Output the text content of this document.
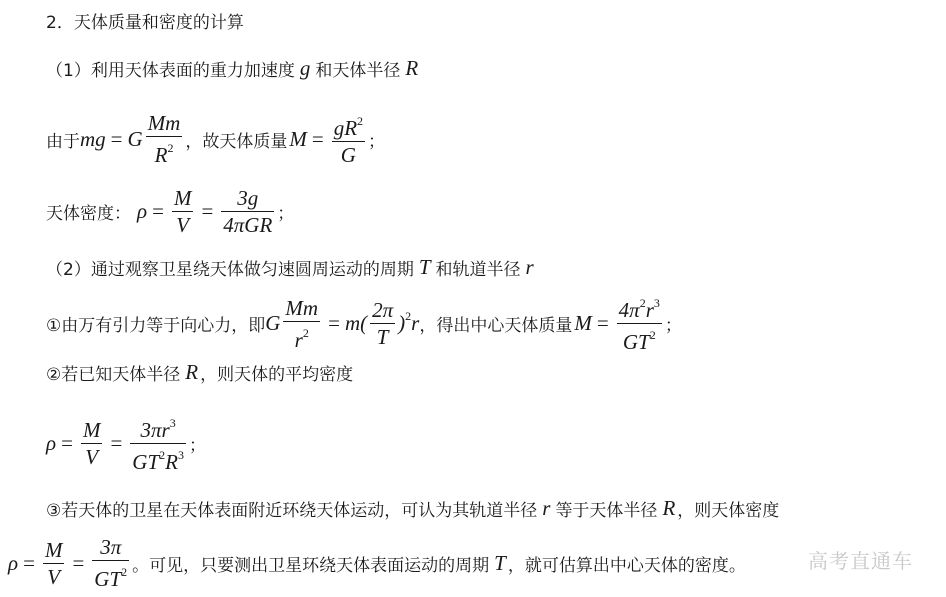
2．天体质量和密度的计算
（1）利用天体表面的重力加速度 g 和天体半径 R
由于 mg = G $\frac{Mm}{R^2}$ ，故天体质量 $M = \frac{gR^2}{G}$ ；
天体密度： $\rho = \frac{M}{V} = \frac{3g}{\text{4πGR}}$ ；
（2）通过观察卫星绕天体做匀速圆周运动的周期 T 和轨道半径 r
①由万有引力等于向心力，即 G $\frac{Mm}{r^2} = m( \frac{2\pi}{T} )^2r$ ，得出中心天体质量 $M = \frac{4\pi^2r^3}{GT^2}$ ；
②若已知天体半径 R ，则天体的平均密度
$\rho = \frac{M}{V} = \frac{3\pi r^3}{GT^2R^3}$ ；
③若天体的卫星在天体表面附近环绕天体运动，可认为其轨道半径 r 等于天体半径 R ，则天体密度
$\rho = \frac{M}{V} = \frac{3\pi}{GT^2}$ 。可见，只要测出卫星环绕天体表面运动的周期 T ，就可估算出中心天体的密度。	高考直通车
